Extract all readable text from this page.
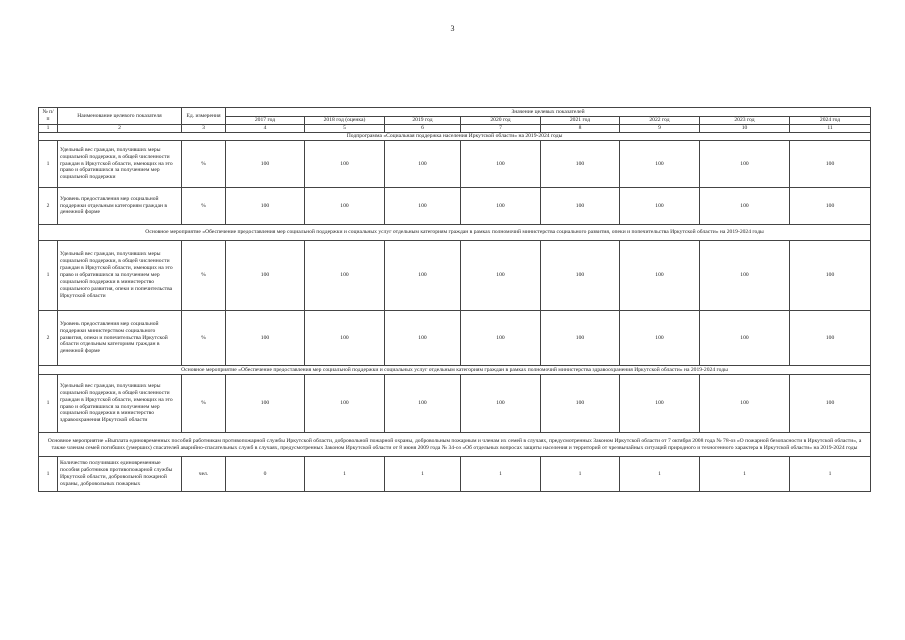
3
№ п/п	Наименование целевого показателя	Ед. измерения	Значение целевых показателей							
			2017 год	2018 год (оценка)	2019 год	2020 год	2021 год	2022 год	2023 год	2024 год
1	2	3	4	5	6	7	8	9	10	11
Подпрограмма «Социальная поддержка населения Иркутской области» на 2019-2024 годы										
1	Удельный вес граждан, получивших меры социальной поддержки, в общей численности граждан в Иркутской области, имеющих на это право и обратившихся за получением мер социальной поддержки	%	100	100	100	100	100	100	100	100
2	Уровень предоставления мер социальной поддержки отдельным категориям граждан в денежной форме	%	100	100	100	100	100	100	100	100
Основное мероприятие «Обеспечение предоставления мер социальной поддержки и социальных услуг отдельным категориям граждан в рамках полномочий министерства социального развития, опеки и попечительства Иркутской области» на 2019-2024 годы										
1	Удельный вес граждан, получивших меры социальной поддержки, в общей численности граждан в Иркутской области, имеющих на это право и обратившихся за получением мер социальной поддержки в министерство социального развития, опеки и попечительства Иркутской области	%	100	100	100	100	100	100	100	100
2	Уровень предоставления мер социальной поддержки министерством социального развития, опеки и попечительства Иркутской области отдельным категориям граждан в денежной форме	%	100	100	100	100	100	100	100	100
Основное мероприятие «Обеспечение предоставления мер социальной поддержки и социальных услуг отдельным категориям граждан в рамках полномочий министерства здравоохранения Иркутской области» на 2019-2024 годы										
1	Удельный вес граждан, получивших меры социальной поддержки, в общей численности граждан в Иркутской области, имеющих на это право и обратившихся за получением мер социальной поддержки в министерство здравоохранения Иркутской области	%	100	100	100	100	100	100	100	100
Основное мероприятие «Выплата единовременных пособий работникам противопожарной службы Иркутской области, добровольной пожарной охраны, добровольным пожарным и членам их семей в случаях, предусмотренных Законом Иркутской области от 7 октября 2008 года № 78-оз «О пожарной безопасности в Иркутской области», а также членам семей погибших (умерших) спасателей аварийно-спасательных служб в случаях, предусмотренных Законом Иркутской области от 8 июня 2009 года № 34-оз «Об отдельных вопросах защиты населения и территорий от чрезвычайных ситуаций природного и техногенного характера в Иркутской области» на 2019-2024 годы										
1	Количество получивших единовременные пособия работников противопожарной службы Иркутской области, добровольной пожарной охраны, добровольных пожарных	чел.	0	1	1	1	1	1	1	1
